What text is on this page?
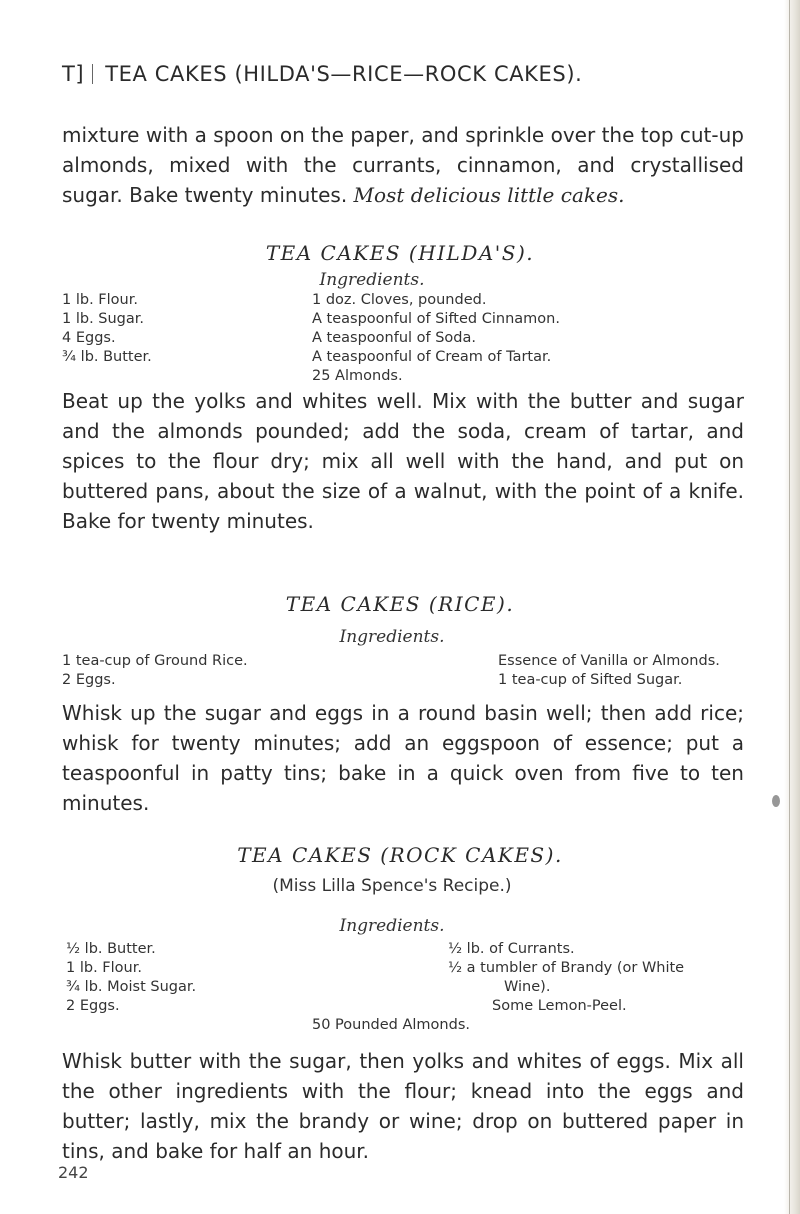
T] TEA CAKES (HILDA'S—RICE—ROCK CAKES).
mixture with a spoon on the paper, and sprinkle over the top cut-up almonds, mixed with the currants, cinnamon, and crystallised sugar. Bake twenty minutes. Most delicious little cakes.
TEA CAKES (HILDA'S).
Ingredients.
1 lb. Flour.
1 lb. Sugar.
4 Eggs.
¾ lb. Butter.
1 doz. Cloves, pounded.
A teaspoonful of Sifted Cinnamon.
A teaspoonful of Soda.
A teaspoonful of Cream of Tartar.
25 Almonds.
Beat up the yolks and whites well. Mix with the butter and sugar and the almonds pounded; add the soda, cream of tartar, and spices to the flour dry; mix all well with the hand, and put on buttered pans, about the size of a walnut, with the point of a knife. Bake for twenty minutes.
TEA CAKES (RICE).
Ingredients.
1 tea-cup of Ground Rice.
2 Eggs.
Essence of Vanilla or Almonds.
1 tea-cup of Sifted Sugar.
Whisk up the sugar and eggs in a round basin well; then add rice; whisk for twenty minutes; add an eggspoon of essence; put a teaspoonful in patty tins; bake in a quick oven from five to ten minutes.
TEA CAKES (ROCK CAKES).
(Miss Lilla Spence's Recipe.)
Ingredients.
½ lb. Butter.
1 lb. Flour.
¾ lb. Moist Sugar.
2 Eggs.
½ lb. of Currants.
½ a tumbler of Brandy (or White
Wine).
Some Lemon-Peel.
50 Pounded Almonds.
Whisk butter with the sugar, then yolks and whites of eggs. Mix all the other ingredients with the flour; knead into the eggs and butter; lastly, mix the brandy or wine; drop on buttered paper in tins, and bake for half an hour.
242
